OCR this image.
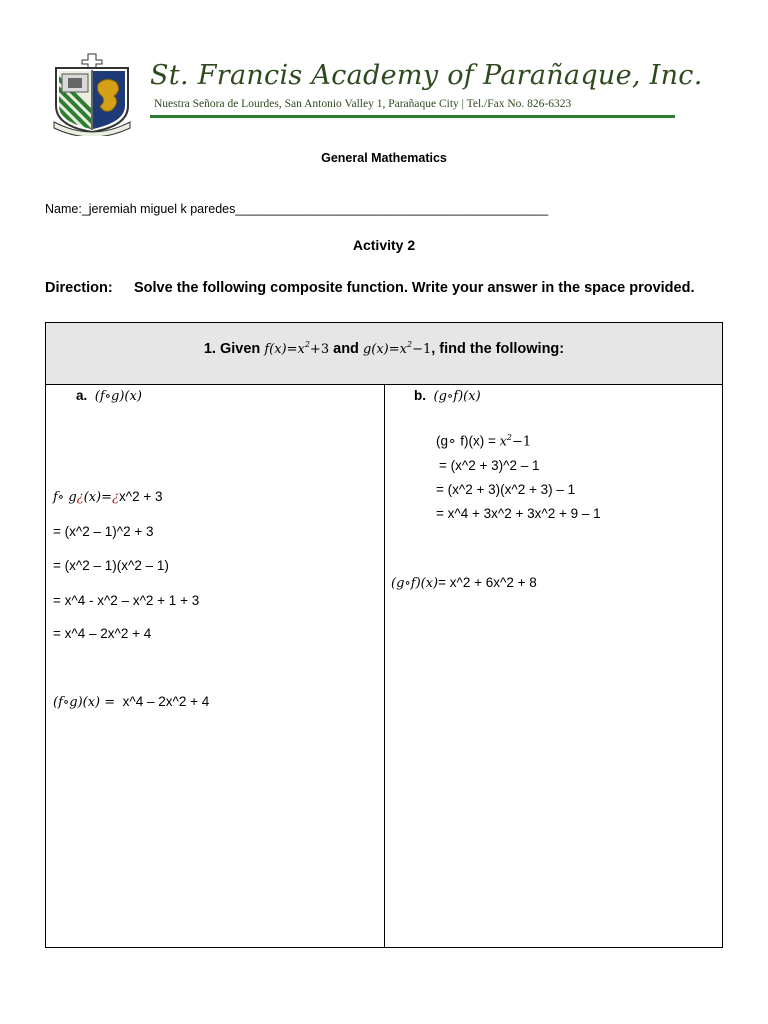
St. Francis Academy of Parañaque, Inc.
Nuestra Señora de Lourdes, San Antonio Valley 1, Parañaque City | Tel./Fax No. 826-6323
General Mathematics
Name:_jeremiah miguel k paredes_____________________________________________
Activity 2
Direction: Solve the following composite function. Write your answer in the space provided.
1. Given $f(x)=x^2+3$ and $g(x)=x^2-1$, find the following:
a. (f∘g)(x)
f∘ g¿(x)=¿x^2 + 3
= (x^2 – 1)^2 + 3
= (x^2 – 1)(x^2 – 1)
= x^4 - x^2 – x^2 + 1 + 3
= x^4 – 2x^2 + 4
(f∘g)(x) = x^4 – 2x^2 + 4
b. (g∘f)(x)
(g∘ $f)(x) = x^2-1$
= (x^2 + 3)^2 – 1
= (x^2 + 3)(x^2 + 3) – 1
= x^4 + 3x^2 + 3x^2 + 9 – 1
(g∘f)(x)= x^2 + 6x^2 + 8
